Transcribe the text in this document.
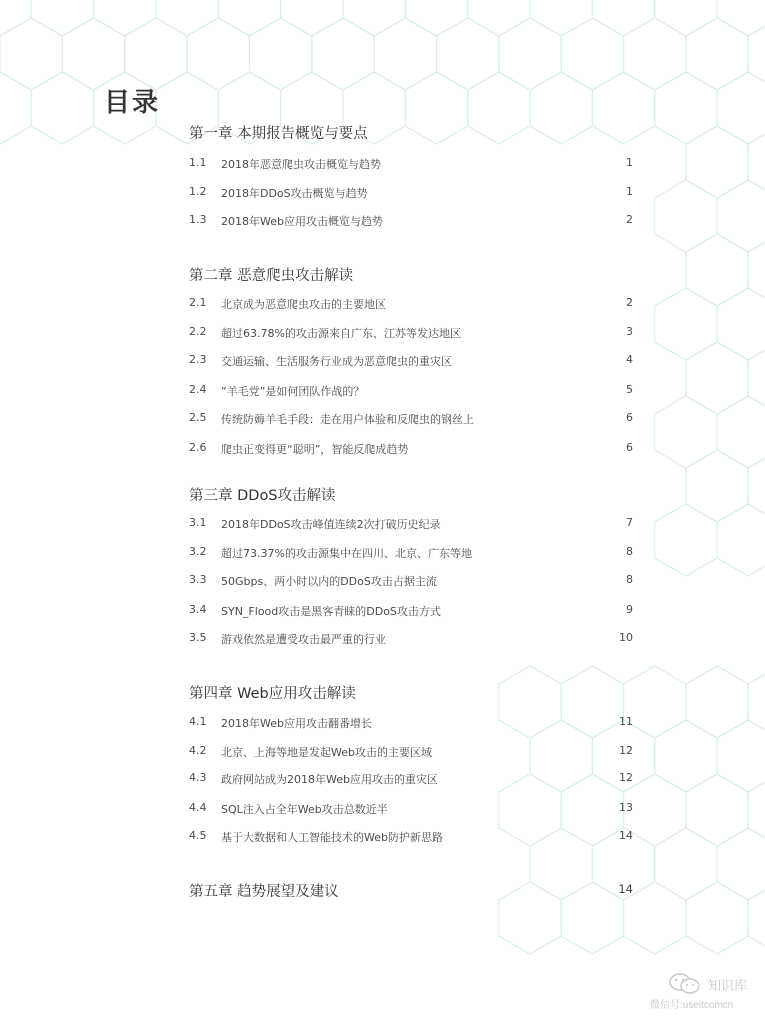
目录
第一章 本期报告概览与要点
1.1 2018年恶意爬虫攻击概览与趋势	1
1.2 2018年DDoS攻击概览与趋势	1
1.3 2018年Web应用攻击概览与趋势	2
第二章 恶意爬虫攻击解读
2.1 北京成为恶意爬虫攻击的主要地区	2
2.2 超过63.78%的攻击源来自广东、江苏等发达地区	3
2.3 交通运输、生活服务行业成为恶意爬虫的重灾区	4
2.4 “羊毛党”是如何团队作战的？	5
2.5 传统防薅羊毛手段：走在用户体验和反爬虫的钢丝上	6
2.6 爬虫正变得更“聪明”，智能反爬成趋势	6
第三章 DDoS攻击解读
3.1 2018年DDoS攻击峰值连续2次打破历史纪录	7
3.2 超过73.37%的攻击源集中在四川、北京、广东等地	8
3.3 50Gbps、两小时以内的DDoS攻击占据主流	8
3.4 SYN_Flood攻击是黑客青睐的DDoS攻击方式	9
3.5 游戏依然是遭受攻击最严重的行业	10
第四章 Web应用攻击解读
4.1 2018年Web应用攻击翻番增长	11
4.2 北京、上海等地是发起Web攻击的主要区域	12
4.3 政府网站成为2018年Web应用攻击的重灾区	12
4.4 SQL注入占全年Web攻击总数近半	13
4.5 基于大数据和人工智能技术的Web防护新思路	14
第五章 趋势展望及建议	14
知识库
微信号:useitcomcn
